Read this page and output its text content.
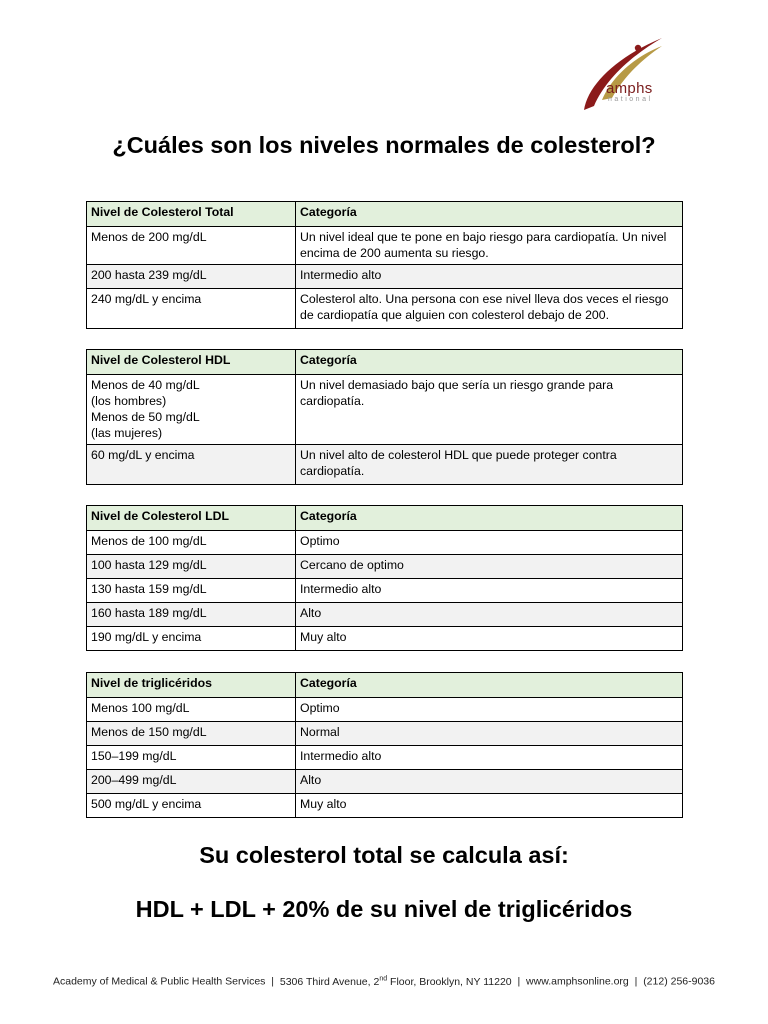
amphs
national
¿Cuáles son los niveles normales de colesterol?
Nivel de Colesterol Total	Categoría
Menos de 200 mg/dL	Un nivel ideal que te pone en bajo riesgo para cardiopatía. Un nivel encima de 200 aumenta su riesgo.
200 hasta 239 mg/dL	Intermedio alto
240 mg/dL y encima	Colesterol alto. Una persona con ese nivel lleva dos veces el riesgo de cardiopatía que alguien con colesterol debajo de 200.
Nivel de Colesterol HDL	Categoría

Menos de 40 mg/dL
(los hombres)
Menos de 50 mg/dL
(las mujeres)	Un nivel demasiado bajo que sería un riesgo grande para cardiopatía.
60 mg/dL y encima	Un nivel alto de colesterol HDL que puede proteger contra cardiopatía.
Nivel de Colesterol LDL	Categoría
Menos de 100 mg/dL	Optimo
100 hasta 129 mg/dL	Cercano de optimo
130 hasta 159 mg/dL	Intermedio alto
160 hasta 189 mg/dL	Alto
190 mg/dL y encima	Muy alto
Nivel de triglicéridos	Categoría
Menos 100 mg/dL	Optimo
Menos de 150 mg/dL	Normal
150–199 mg/dL	Intermedio alto
200–499 mg/dL	Alto
500 mg/dL y encima	Muy alto
Su colesterol total se calcula así:
HDL + LDL + 20% de su nivel de triglicéridos
Academy of Medical & Public Health Services | 5306 Third Avenue, 2nd Floor, Brooklyn, NY 11220 | www.amphsonline.org | (212) 256-9036
